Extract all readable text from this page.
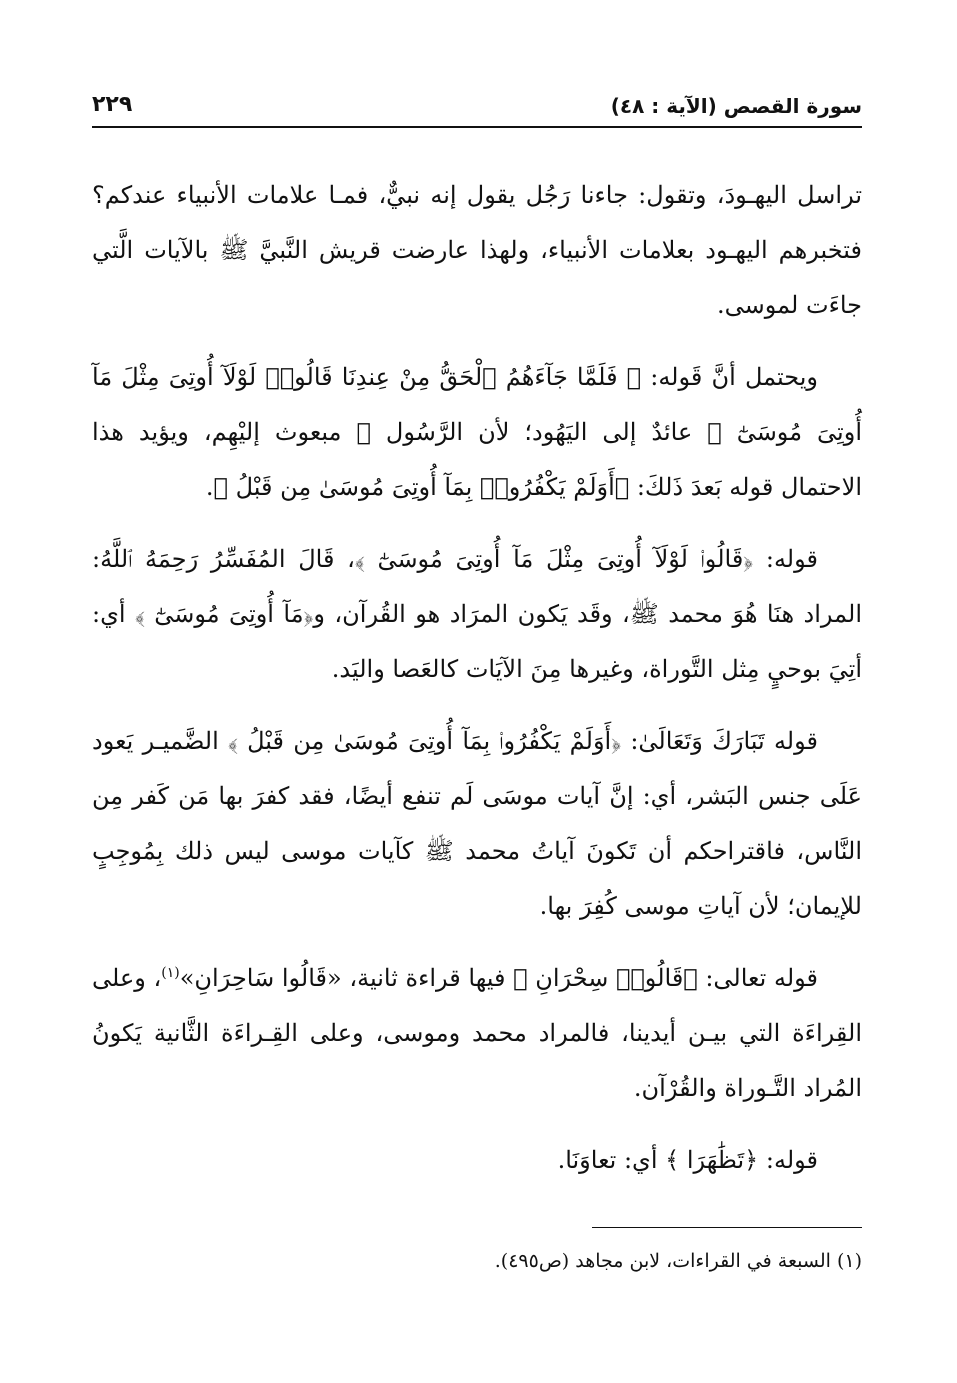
سورة القصص (الآية : ٤٨)
٢٢٩

تراسل اليهـودَ، وتقول: جاءنا رَجُل يقول إنه نبيٌّ، فمـا علامات الأنبياء عندكم؟ فتخبرهم اليهـود بعلامات الأنبياء، ولهذا عارضت قريش النَّبيَّ ﷺ بالآيات الَّتي جاءَت لموسى.

ويحتمل أنَّ قَوله: ﴿ فَلَمَّا جَآءَهُمُ ٱلْحَقُّ مِنْ عِندِنَا قَالُوا۟ لَوْلَآ أُوتِىَ مِثْلَ مَآ أُوتِىَ مُوسَىٰٓ ﴾ عائدٌ إلى اليَهُود؛ لأن الرَّسُول ﷺ مبعوث إليْهِم، ويؤيد هذا الاحتمال قوله بَعدَ ذَلكَ: ﴿أَوَلَمْ يَكْفُرُوا۟ بِمَآ أُوتِىَ مُوسَىٰ مِن قَبْلُ ﴾.

قوله: ﴿قَالُوا۟ لَوْلَآ أُوتِىَ مِثْلَ مَآ أُوتِىَ مُوسَىٰٓ ﴾، قَالَ المُفَسِّرُ رَحِمَهُ ٱللَّهُ: المراد هنَا هُوَ محمد ﷺ، وقَد يَكون المرَاد هو القُرآن، و﴿مَآ أُوتِىَ مُوسَىٰٓ ﴾ أي: أتِيَ بوحيٍ مِثل التَّوراة، وغيرها مِنَ الآيَات كالعَصا واليَد.

قوله تَبَارَكَ وَتَعَالَىٰ: ﴿أَوَلَمْ يَكْفُرُوا۟ بِمَآ أُوتِىَ مُوسَىٰ مِن قَبْلُ ﴾ الضَّميـر يَعود عَلَى جنس البَشر، أي: إنَّ آيات موسَى لَم تنفع أيضًا، فقد كفرَ بها مَن كَفر مِن النَّاس، فاقتراحكم أن تَكونَ آياتُ محمد ﷺ كآيات موسى ليس ذلك بِمُوجِبٍ للإيمان؛ لأن آياتِ موسى كُفِرَ بها.

قوله تعالى: ﴿قَالُوا۟ سِحْرَانِ ﴾ فيها قراءة ثانية، «قَالُوا سَاحِرَانِ»$^{(١)}$، وعلى القِراءَة التي بيـن أيدينا، فالمراد محمد وموسى، وعلى القِـراءَة الثَّانية يَكونُ المُراد التَّـوراة والقُرْآن.

قوله: ﴿تَظَٰهَرَا ﴾ أي: تعاوَنَا.

(١) السبعة في القراءات، لابن مجاهد (ص٤٩٥).
